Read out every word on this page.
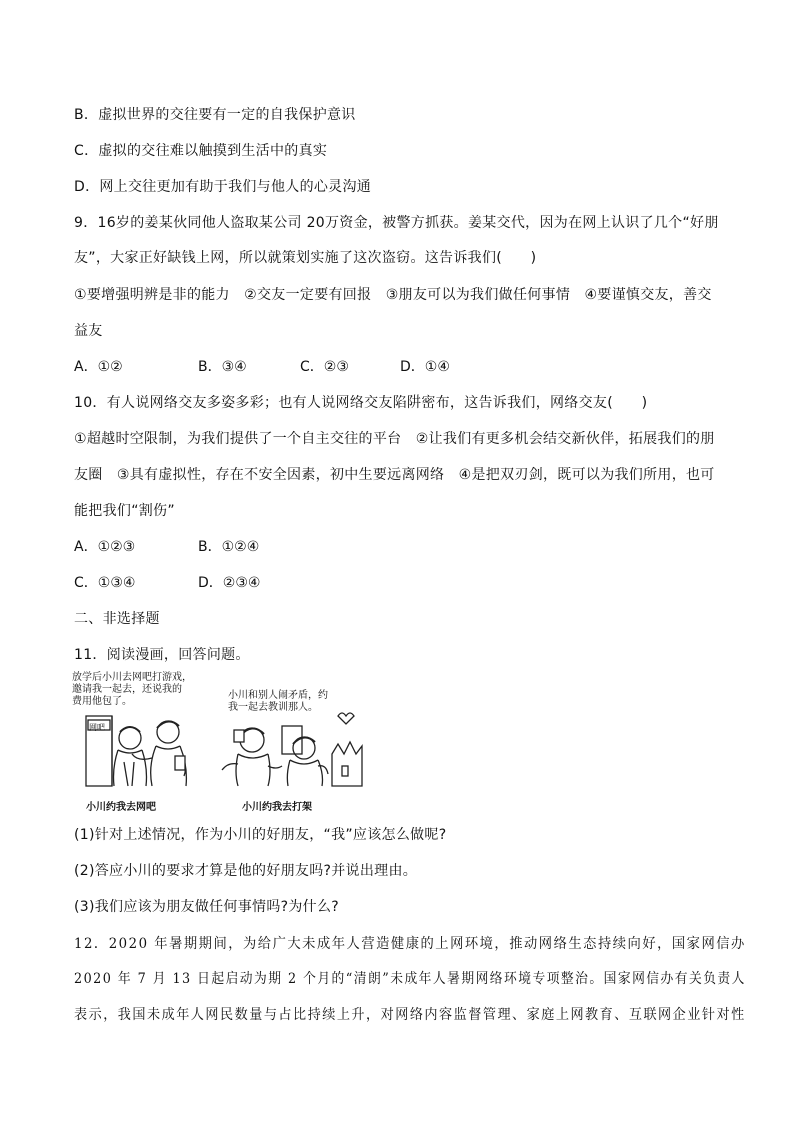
B．虚拟世界的交往要有一定的自我保护意识
C．虚拟的交往难以触摸到生活中的真实
D．网上交往更加有助于我们与他人的心灵沟通
9．16岁的姜某伙同他人盗取某公司 20万资金，被警方抓获。姜某交代，因为在网上认识了几个“好朋
友”，大家正好缺钱上网，所以就策划实施了这次盗窃。这告诉我们(　　)
①要增强明辨是非的能力　②交友一定要有回报　③朋友可以为我们做任何事情　④要谨慎交友，善交
益友
A．①②	B．③④	C．②③	D．①④
10．有人说网络交友多姿多彩；也有人说网络交友陷阱密布，这告诉我们，网络交友(　　)
①超越时空限制，为我们提供了一个自主交往的平台　②让我们有更多机会结交新伙伴，拓展我们的朋
友圈　③具有虚拟性，存在不安全因素，初中生要远离网络　④是把双刃剑，既可以为我们所用，也可
能把我们“割伤”
A．①②③	B．①②④
C．①③④	D．②③④
二、非选择题
11．阅读漫画，回答问题。
放学后小川去网吧打游戏，
邀请我一起去，还说我的
费用他包了。
小川和别人闹矛盾，约
我一起去教训那人。
网吧
小川约我去网吧	小川约我去打架
(1)针对上述情况，作为小川的好朋友，“我”应该怎么做呢?
(2)答应小川的要求才算是他的好朋友吗?并说出理由。
(3)我们应该为朋友做任何事情吗?为什么?
12．2020 年暑期期间，为给广大未成年人营造健康的上网环境，推动网络生态持续向好，国家网信办
2020 年 7 月 13 日起启动为期 2 个月的“清朗”未成年人暑期网络环境专项整治。国家网信办有关负责人
表示，我国未成年人网民数量与占比持续上升，对网络内容监督管理、家庭上网教育、互联网企业针对性
